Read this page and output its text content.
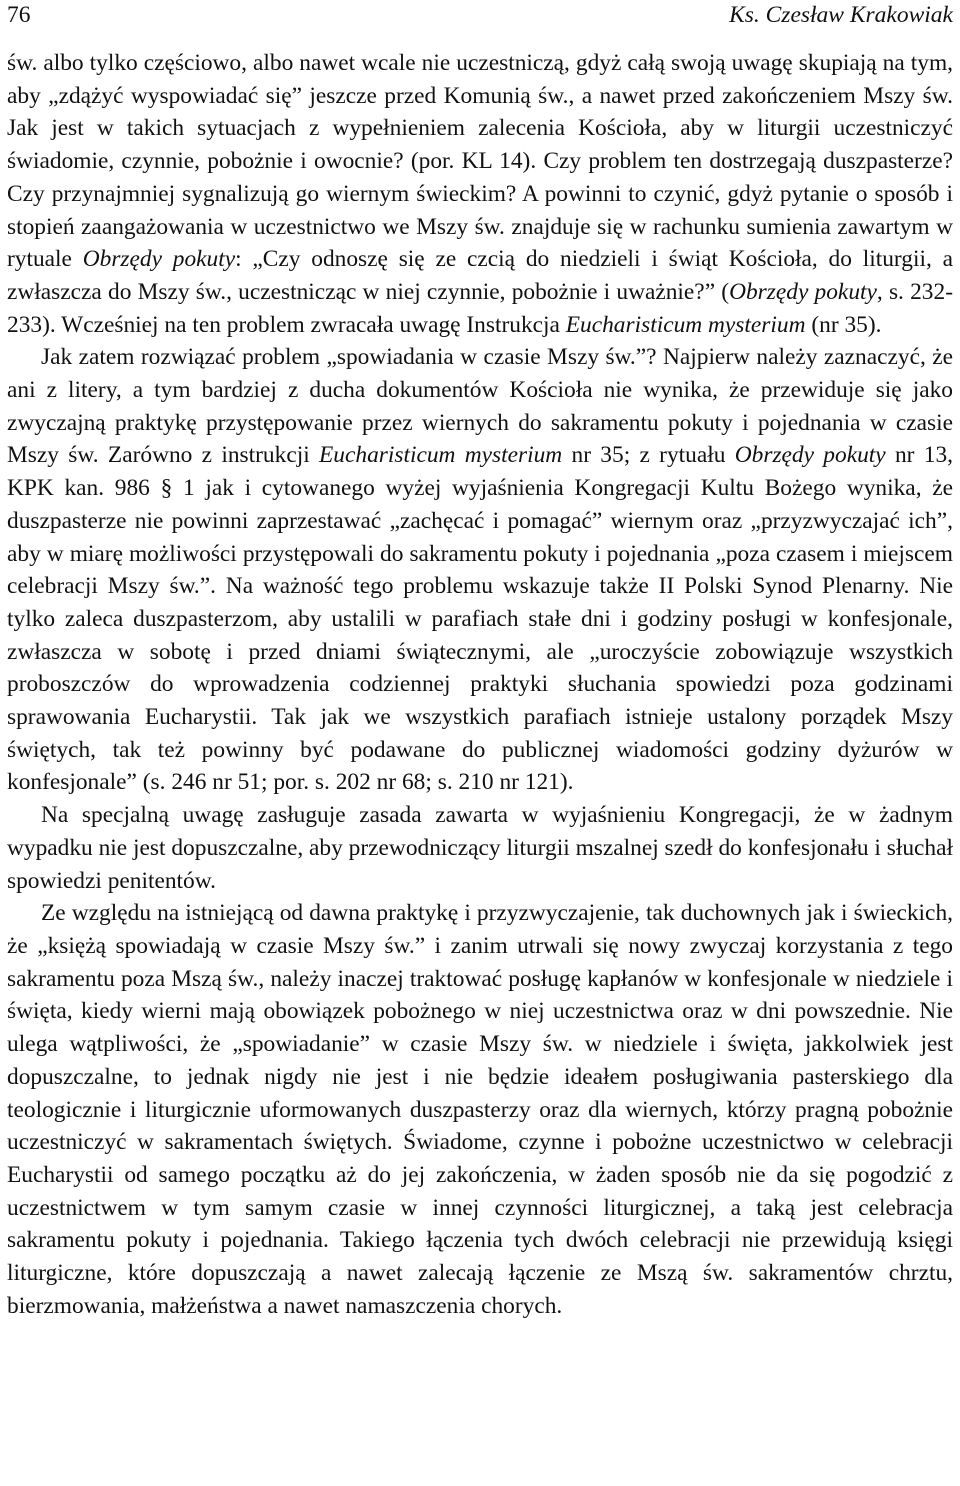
76	Ks. Czesław Krakowiak

św. albo tylko częściowo, albo nawet wcale nie uczestniczą, gdyż całą swoją uwagę skupiają na tym, aby „zdążyć wyspowiadać się” jeszcze przed Komunią św., a nawet przed zakończeniem Mszy św. Jak jest w takich sytuacjach z wypełnieniem zalecenia Kościoła, aby w liturgii uczestniczyć świadomie, czynnie, pobożnie i owocnie? (por. KL 14). Czy problem ten dostrzegają duszpasterze? Czy przynajmniej sygnalizują go wiernym świeckim? A powinni to czynić, gdyż pytanie o sposób i stopień zaangażowania w uczestnictwo we Mszy św. znajduje się w rachunku sumienia zawartym w rytuale Obrzędy pokuty: „Czy odnoszę się ze czcią do niedzieli i świąt Kościoła, do liturgii, a zwłaszcza do Mszy św., uczestnicząc w niej czynnie, pobożnie i uważnie?” (Obrzędy pokuty, s. 232-233). Wcześniej na ten problem zwracała uwagę Instrukcja Eucharisticum mysterium (nr 35).

Jak zatem rozwiązać problem „spowiadania w czasie Mszy św.”? Najpierw należy zaznaczyć, że ani z litery, a tym bardziej z ducha dokumentów Kościoła nie wynika, że przewiduje się jako zwyczajną praktykę przystępowanie przez wiernych do sakramentu pokuty i pojednania w czasie Mszy św. Zarówno z instrukcji Eucharisticum mysterium nr 35; z rytuału Obrzędy pokuty nr 13, KPK kan. 986 § 1 jak i cytowanego wyżej wyjaśnienia Kongregacji Kultu Bożego wynika, że duszpasterze nie powinni zaprzestawać „zachęcać i pomagać” wiernym oraz „przyzwyczajać ich”, aby w miarę możliwości przystępowali do sakramentu pokuty i pojednania „poza czasem i miejscem celebracji Mszy św.”. Na ważność tego problemu wskazuje także II Polski Synod Plenarny. Nie tylko zaleca duszpasterzom, aby ustalili w parafiach stałe dni i godziny posługi w konfesjonale, zwłaszcza w sobotę i przed dniami świątecznymi, ale „uroczyście zobowiązuje wszystkich proboszczów do wprowadzenia codziennej praktyki słuchania spowiedzi poza godzinami sprawowania Eucharystii. Tak jak we wszystkich parafiach istnieje ustalony porządek Mszy świętych, tak też powinny być podawane do publicznej wiadomości godziny dyżurów w konfesjonale” (s. 246 nr 51; por. s. 202 nr 68; s. 210 nr 121).

Na specjalną uwagę zasługuje zasada zawarta w wyjaśnieniu Kongregacji, że w żadnym wypadku nie jest dopuszczalne, aby przewodniczący liturgii mszalnej szedł do konfesjonału i słuchał spowiedzi penitentów.

Ze względu na istniejącą od dawna praktykę i przyzwyczajenie, tak duchownych jak i świeckich, że „księżą spowiadają w czasie Mszy św.” i zanim utrwali się nowy zwyczaj korzystania z tego sakramentu poza Mszą św., należy inaczej traktować posługę kapłanów w konfesjonale w niedziele i święta, kiedy wierni mają obowiązek pobożnego w niej uczestnictwa oraz w dni powszednie. Nie ulega wątpliwości, że „spowiadanie” w czasie Mszy św. w niedziele i święta, jakkolwiek jest dopuszczalne, to jednak nigdy nie jest i nie będzie ideałem posługiwania pasterskiego dla teologicznie i liturgicznie uformowanych duszpasterzy oraz dla wiernych, którzy pragną pobożnie uczestniczyć w sakramentach świętych. Świadome, czynne i pobożne uczestnictwo w celebracji Eucharystii od samego początku aż do jej zakończenia, w żaden sposób nie da się pogodzić z uczestnictwem w tym samym czasie w innej czynności liturgicznej, a taką jest celebracja sakramentu pokuty i pojednania. Takiego łączenia tych dwóch celebracji nie przewidują księgi liturgiczne, które dopuszczają a nawet zalecają łączenie ze Mszą św. sakramentów chrztu, bierzmowania, małżeństwa a nawet namaszczenia chorych.
